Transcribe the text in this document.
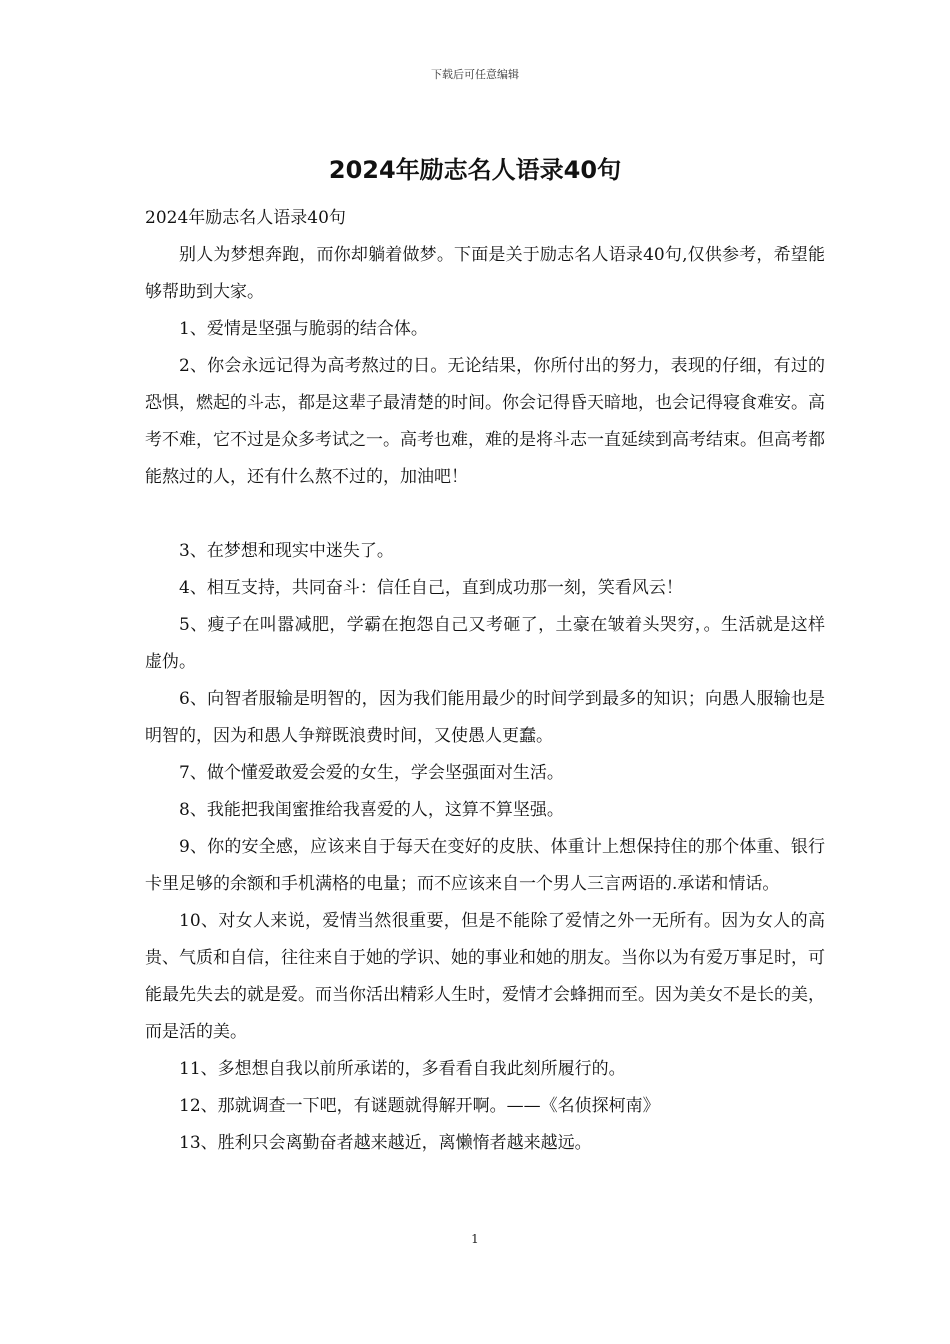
下载后可任意编辑
2024年励志名人语录40句

2024年励志名人语录40句

别人为梦想奔跑，而你却躺着做梦。下面是关于励志名人语录40句,仅供参考，希望能够帮助到大家。

1、爱情是坚强与脆弱的结合体。

2、你会永远记得为高考熬过的日。无论结果，你所付出的努力，表现的仔细，有过的恐惧，燃起的斗志，都是这辈子最清楚的时间。你会记得昏天暗地，也会记得寝食难安。高考不难，它不过是众多考试之一。高考也难，难的是将斗志一直延续到高考结束。但高考都能熬过的人，还有什么熬不过的，加油吧！

3、在梦想和现实中迷失了。

4、相互支持，共同奋斗：信任自己，直到成功那一刻，笑看风云！

5、瘦子在叫嚣减肥，学霸在抱怨自己又考砸了，土豪在皱着头哭穷，。生活就是这样虚伪。

6、向智者服输是明智的，因为我们能用最少的时间学到最多的知识；向愚人服输也是明智的，因为和愚人争辩既浪费时间，又使愚人更蠢。

7、做个懂爱敢爱会爱的女生，学会坚强面对生活。

8、我能把我闺蜜推给我喜爱的人，这算不算坚强。

9、你的安全感，应该来自于每天在变好的皮肤、体重计上想保持住的那个体重、银行卡里足够的余额和手机满格的电量；而不应该来自一个男人三言两语的.承诺和情话。

10、对女人来说，爱情当然很重要，但是不能除了爱情之外一无所有。因为女人的高贵、气质和自信，往往来自于她的学识、她的事业和她的朋友。当你以为有爱万事足时，可能最先失去的就是爱。而当你活出精彩人生时，爱情才会蜂拥而至。因为美女不是长的美，而是活的美。

11、多想想自我以前所承诺的，多看看自我此刻所履行的。

12、那就调查一下吧，有谜题就得解开啊。——《名侦探柯南》

13、胜利只会离勤奋者越来越近，离懒惰者越来越远。

1
